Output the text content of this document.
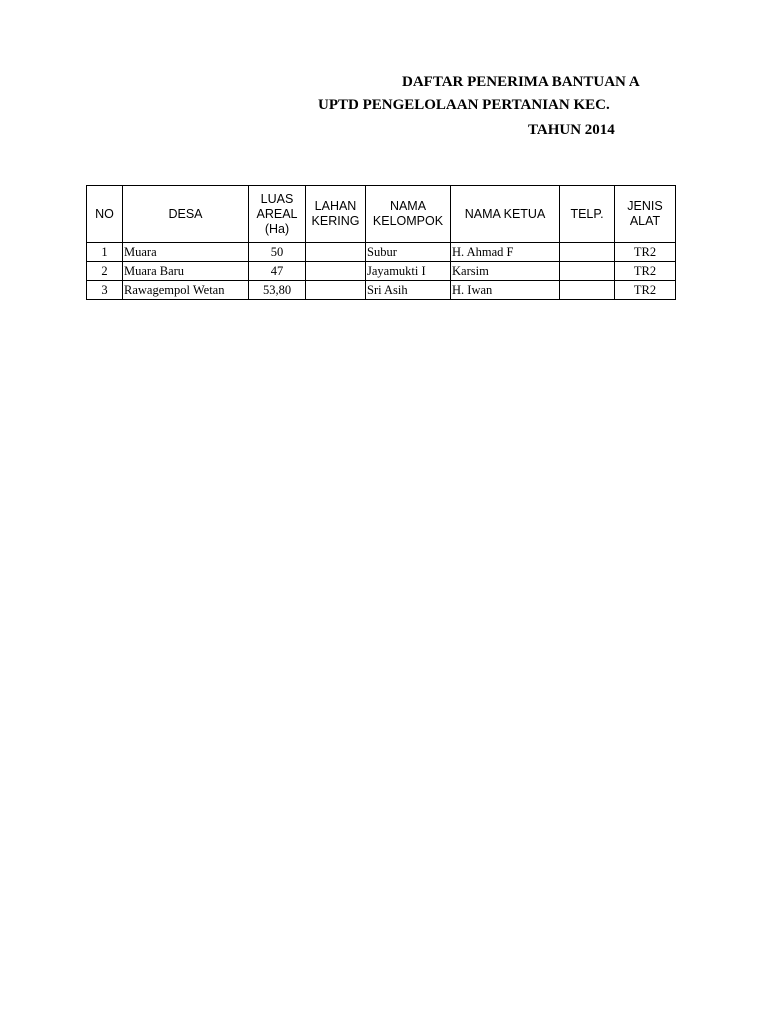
DAFTAR PENERIMA BANTUAN A
UPTD PENGELOLAAN PERTANIAN KEC.
TAHUN 2014
NO	DESA	LUAS AREAL (Ha)	LAHAN KERING	NAMA KELOMPOK	NAMA KETUA	TELP.	JENIS ALAT
1	Muara	50		Subur	H. Ahmad F		TR2
2	Muara Baru	47		Jayamukti I	Karsim		TR2
3	Rawagempol Wetan	53,80		Sri Asih	H. Iwan		TR2
